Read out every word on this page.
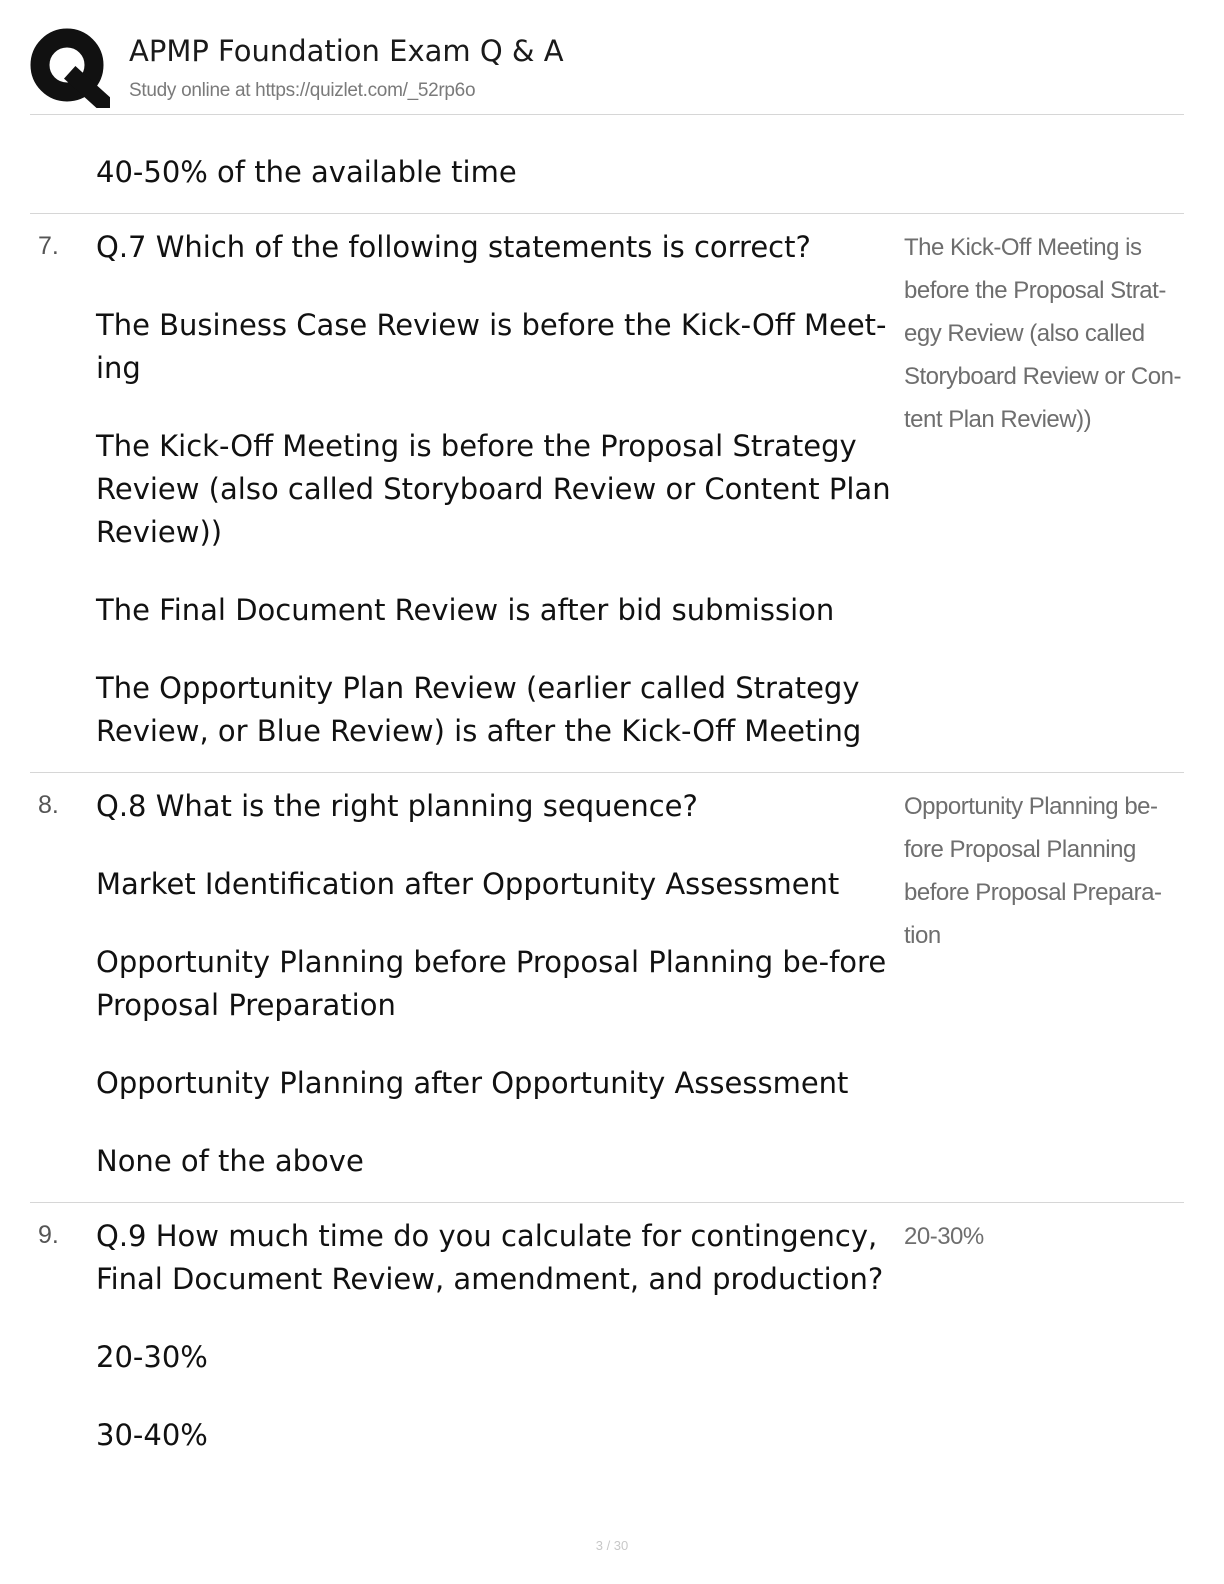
APMP Foundation Exam Q & A
Study online at https://quizlet.com/_52rp6o
40-50% of the available time
7. Q.7 Which of the following statements is correct?
The Business Case Review is before the Kick-Off Meet-ing
The Kick-Off Meeting is before the Proposal Strategy Review (also called Storyboard Review or Content Plan Review))
The Final Document Review is after bid submission
The Opportunity Plan Review (earlier called Strategy Review, or Blue Review) is after the Kick-Off Meeting
The Kick-Off Meeting is before the Proposal Strat-egy Review (also called Storyboard Review or Con-tent Plan Review))
8. Q.8 What is the right planning sequence?
Market Identification after Opportunity Assessment
Opportunity Planning before Proposal Planning be-fore Proposal Preparation
Opportunity Planning after Opportunity Assessment
None of the above
Opportunity Planning be-fore Proposal Planning before Proposal Prepara-tion
9. Q.9 How much time do you calculate for contingency, Final Document Review, amendment, and production?
20-30%
30-40%
20-30%
3 / 30
